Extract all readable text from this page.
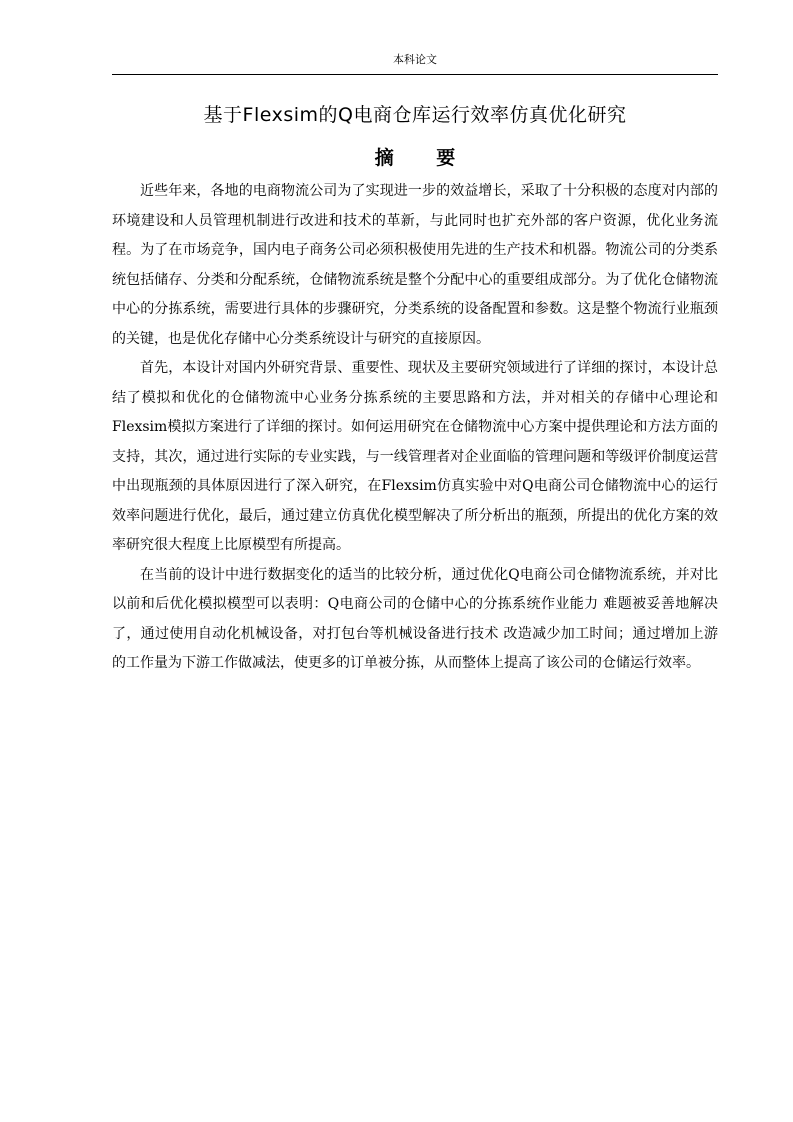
本科论文
基于Flexsim的Q电商仓库运行效率仿真优化研究
摘 要

近些年来，各地的电商物流公司为了实现进一步的效益增长，采取了十分积极的态度对内部的环境建设和人员管理机制进行改进和技术的革新，与此同时也扩充外部的客户资源，优化业务流程。为了在市场竞争，国内电子商务公司必须积极使用先进的生产技术和机器。物流公司的分类系统包括储存、分类和分配系统，仓储物流系统是整个分配中心的重要组成部分。为了优化仓储物流中心的分拣系统，需要进行具体的步骤研究，分类系统的设备配置和参数。这是整个物流行业瓶颈的关键，也是优化存储中心分类系统设计与研究的直接原因。

首先，本设计对国内外研究背景、重要性、现状及主要研究领域进行了详细的探讨，本设计总结了模拟和优化的仓储物流中心业务分拣系统的主要思路和方法，并对相关的存储中心理论和Flexsim模拟方案进行了详细的探讨。如何运用研究在仓储物流中心方案中提供理论和方法方面的支持，其次，通过进行实际的专业实践，与一线管理者对企业面临的管理问题和等级评价制度运营中出现瓶颈的具体原因进行了深入研究，在Flexsim仿真实验中对Q电商公司仓储物流中心的运行效率问题进行优化，最后，通过建立仿真优化模型解决了所分析出的瓶颈，所提出的优化方案的效率研究很大程度上比原模型有所提高。

在当前的设计中进行数据变化的适当的比较分析，通过优化Q电商公司仓储物流系统，并对比以前和后优化模拟模型可以表明：Q电商公司的仓储中心的分拣系统作业能力 难题被妥善地解决了，通过使用自动化机械设备，对打包台等机械设备进行技术 改造减少加工时间；通过增加上游的工作量为下游工作做减法，使更多的订单被分拣，从而整体上提高了该公司的仓储运行效率。
